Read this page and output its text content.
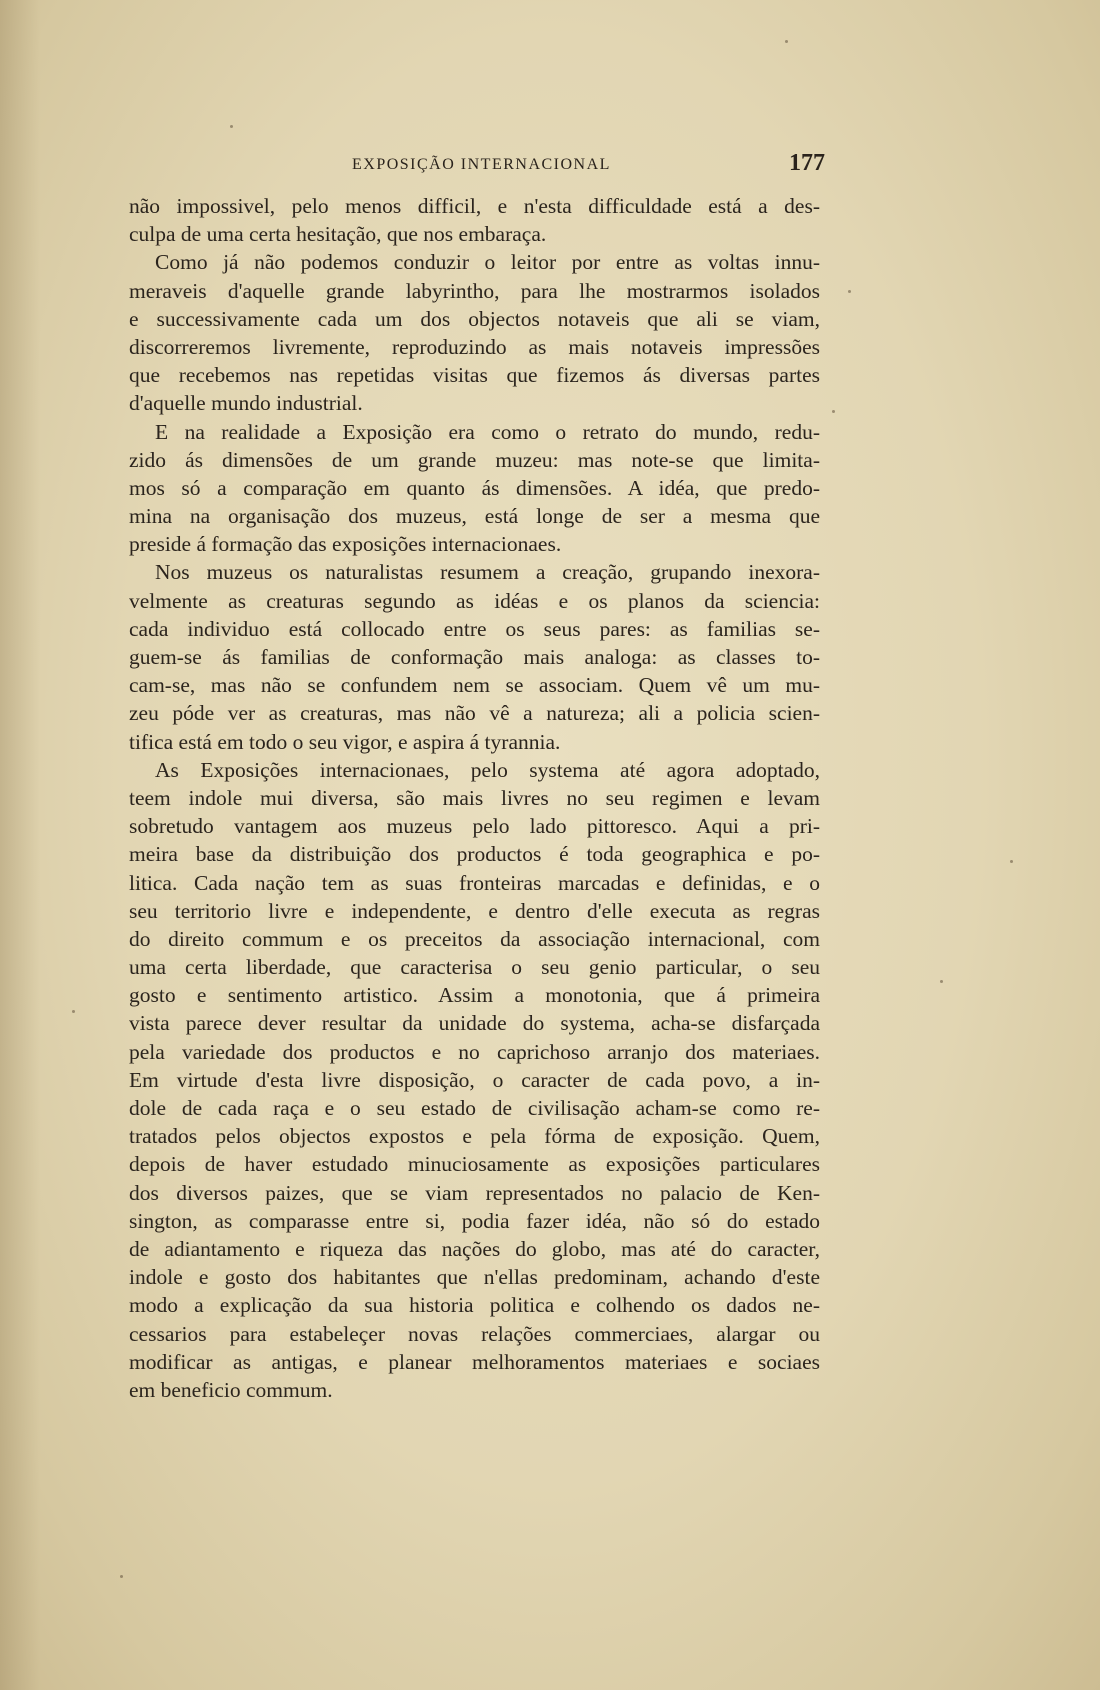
EXPOSIÇÃO INTERNACIONAL	177
não impossivel, pelo menos difficil, e n'esta difficuldade está a des-
culpa de uma certa hesitação, que nos embaraça.
Como já não podemos conduzir o leitor por entre as voltas innu-
meraveis d'aquelle grande labyrintho, para lhe mostrarmos isolados
e successivamente cada um dos objectos notaveis que ali se viam,
discorreremos livremente, reproduzindo as mais notaveis impressões
que recebemos nas repetidas visitas que fizemos ás diversas partes
d'aquelle mundo industrial.
E na realidade a Exposição era como o retrato do mundo, redu-
zido ás dimensões de um grande muzeu: mas note-se que limita-
mos só a comparação em quanto ás dimensões. A idéa, que predo-
mina na organisação dos muzeus, está longe de ser a mesma que
preside á formação das exposições internacionaes.
Nos muzeus os naturalistas resumem a creação, grupando inexora-
velmente as creaturas segundo as idéas e os planos da sciencia:
cada individuo está collocado entre os seus pares: as familias se-
guem-se ás familias de conformação mais analoga: as classes to-
cam-se, mas não se confundem nem se associam. Quem vê um mu-
zeu póde ver as creaturas, mas não vê a natureza; ali a policia scien-
tifica está em todo o seu vigor, e aspira á tyrannia.
As Exposições internacionaes, pelo systema até agora adoptado,
teem indole mui diversa, são mais livres no seu regimen e levam
sobretudo vantagem aos muzeus pelo lado pittoresco. Aqui a pri-
meira base da distribuição dos productos é toda geographica e po-
litica. Cada nação tem as suas fronteiras marcadas e definidas, e o
seu territorio livre e independente, e dentro d'elle executa as regras
do direito commum e os preceitos da associação internacional, com
uma certa liberdade, que caracterisa o seu genio particular, o seu
gosto e sentimento artistico. Assim a monotonia, que á primeira
vista parece dever resultar da unidade do systema, acha-se disfarçada
pela variedade dos productos e no caprichoso arranjo dos materiaes.
Em virtude d'esta livre disposição, o caracter de cada povo, a in-
dole de cada raça e o seu estado de civilisação acham-se como re-
tratados pelos objectos expostos e pela fórma de exposição. Quem,
depois de haver estudado minuciosamente as exposições particulares
dos diversos paizes, que se viam representados no palacio de Ken-
sington, as comparasse entre si, podia fazer idéa, não só do estado
de adiantamento e riqueza das nações do globo, mas até do caracter,
indole e gosto dos habitantes que n'ellas predominam, achando d'este
modo a explicação da sua historia politica e colhendo os dados ne-
cessarios para estabeleçer novas relações commerciaes, alargar ou
modificar as antigas, e planear melhoramentos materiaes e sociaes
em beneficio commum.
